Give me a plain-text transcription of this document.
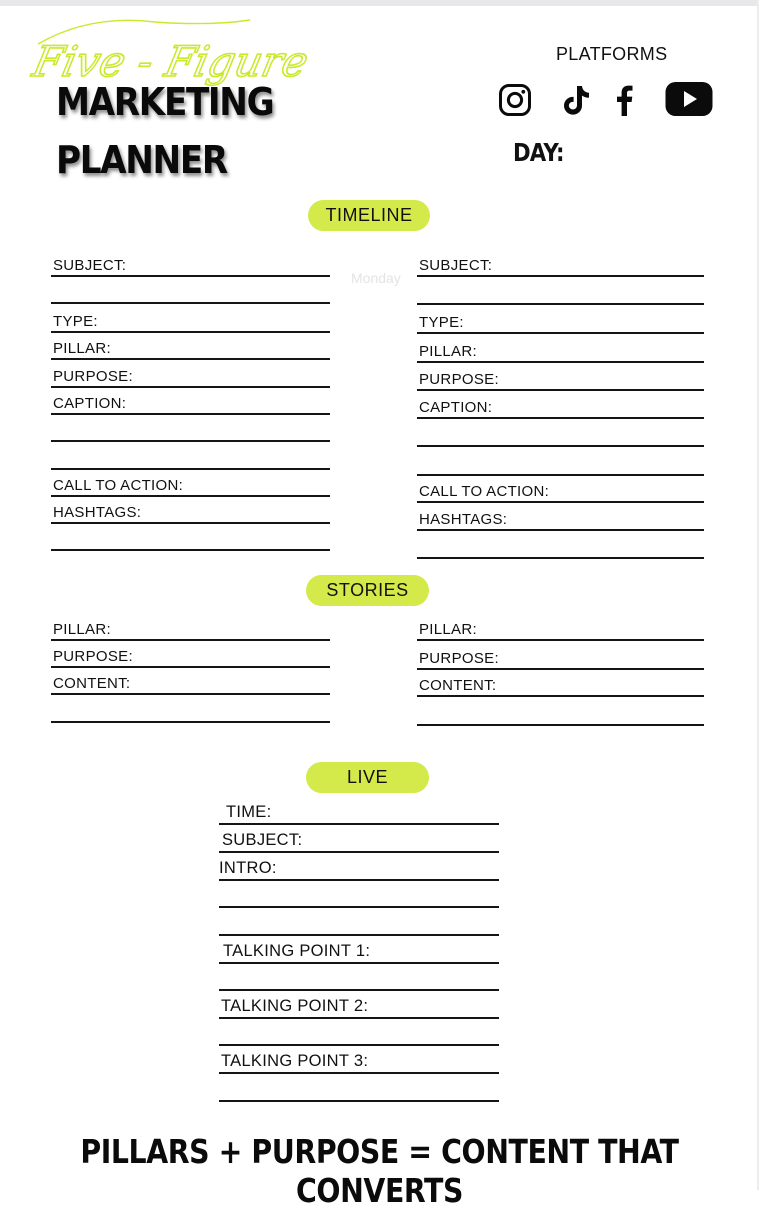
Five - Figure
MARKETING
PLANNER
PLATFORMS
DAY:
TIMELINE
Monday
SUBJECT:
TYPE:
PILLAR:
PURPOSE:
CAPTION:
CALL TO ACTION:
HASHTAGS:
SUBJECT:
TYPE:
PILLAR:
PURPOSE:
CAPTION:
CALL TO ACTION:
HASHTAGS:
STORIES
PILLAR:
PURPOSE:
CONTENT:
PILLAR:
PURPOSE:
CONTENT:
LIVE
TIME:
SUBJECT:
INTRO:
TALKING POINT 1:
TALKING POINT 2:
TALKING POINT 3:
PILLARS + PURPOSE = CONTENT THAT CONVERTS
